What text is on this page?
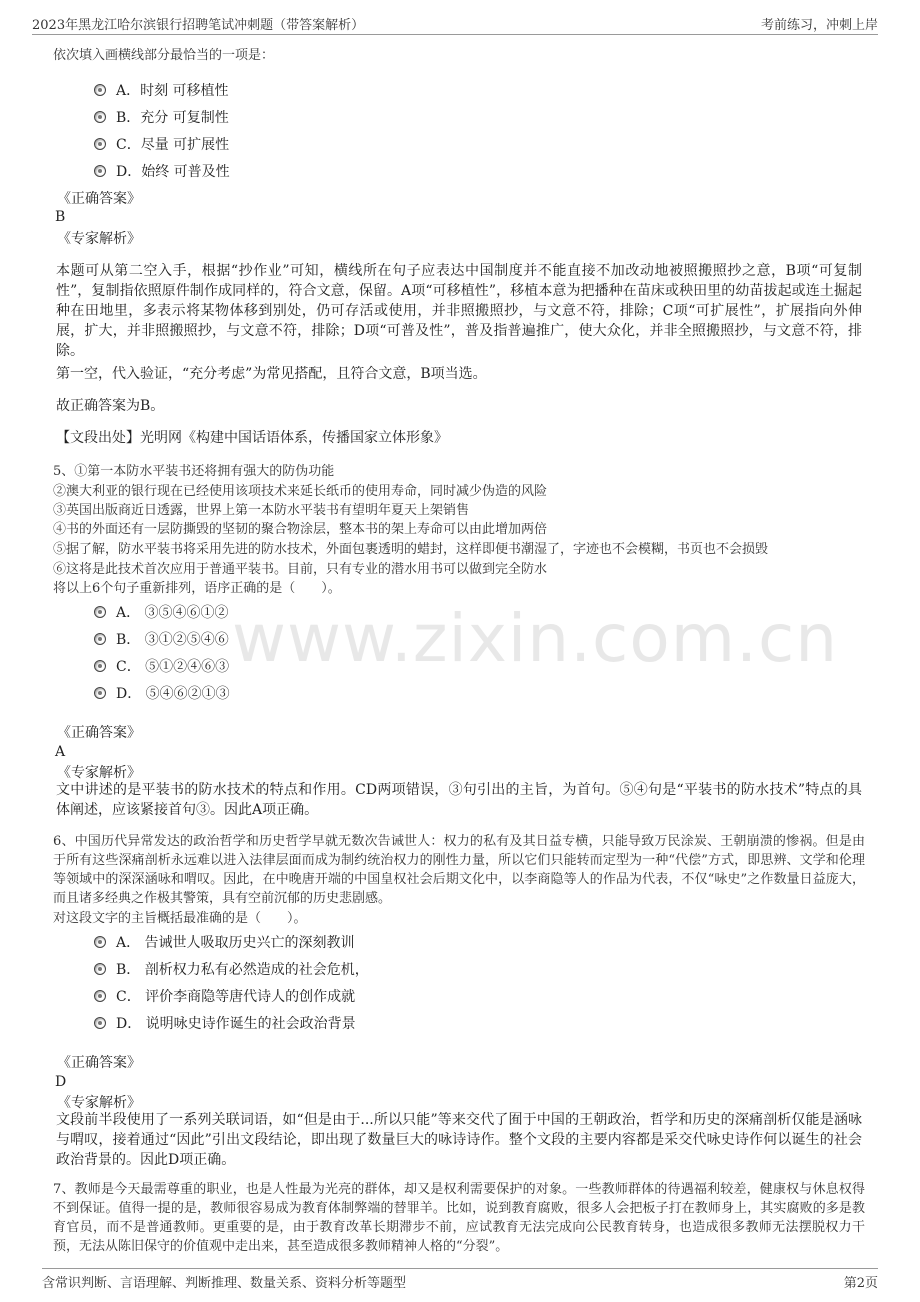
2023年黑龙江哈尔滨银行招聘笔试冲刺题（带答案解析）	考前练习，冲刺上岸
www.zixin.com.cn
依次填入画横线部分最恰当的一项是：
A．时刻 可移植性
B．充分 可复制性
C．尽量 可扩展性
D．始终 可普及性
《正确答案》
B
《专家解析》
本题可从第二空入手，根据“抄作业”可知，横线所在句子应表达中国制度并不能直接不加改动地被照搬照抄之意，B项“可复制性”，复制指依照原件制作成同样的，符合文意，保留。A项“可移植性”，移植本意为把播种在苗床或秧田里的幼苗拔起或连土掘起种在田地里，多表示将某物体移到别处，仍可存活或使用，并非照搬照抄，与文意不符，排除；C项“可扩展性”，扩展指向外伸展，扩大，并非照搬照抄，与文意不符，排除；D项“可普及性”，普及指普遍推广，使大众化，并非全照搬照抄，与文意不符，排除。
第一空，代入验证，“充分考虑”为常见搭配，且符合文意，B项当选。
故正确答案为B。
【文段出处】光明网《构建中国话语体系，传播国家立体形象》
5、①第一本防水平装书还将拥有强大的防伪功能
②澳大利亚的银行现在已经使用该项技术来延长纸币的使用寿命，同时减少伪造的风险
③英国出版商近日透露，世界上第一本防水平装书有望明年夏天上架销售
④书的外面还有一层防撕毁的坚韧的聚合物涂层，整本书的架上寿命可以由此增加两倍
⑤据了解，防水平装书将采用先进的防水技术，外面包裹透明的蜡封，这样即便书潮湿了，字迹也不会模糊，书页也不会损毁
⑥这将是此技术首次应用于普通平装书。目前，只有专业的潜水用书可以做到完全防水
将以上6个句子重新排列，语序正确的是（　　）。
A． ③⑤④⑥①②
B． ③①②⑤④⑥
C． ⑤①②④⑥③
D． ⑤④⑥②①③
《正确答案》
A
《专家解析》
文中讲述的是平装书的防水技术的特点和作用。CD两项错误，③句引出的主旨，为首句。⑤④句是“平装书的防水技术”特点的具体阐述，应该紧接首句③。因此A项正确。
6、中国历代异常发达的政治哲学和历史哲学早就无数次告诫世人：权力的私有及其日益专横，只能导致万民涂炭、王朝崩溃的惨祸。但是由于所有这些深痛剖析永远难以进入法律层面而成为制约统治权力的刚性力量，所以它们只能转而定型为一种“代偿”方式，即思辨、文学和伦理等领域中的深深涵咏和喟叹。因此，在中晚唐开端的中国皇权社会后期文化中，以李商隐等人的作品为代表，不仅“咏史”之作数量日益庞大，而且诸多经典之作极其警策，具有空前沉郁的历史悲剧感。
对这段文字的主旨概括最准确的是（　　）。
A． 告诫世人吸取历史兴亡的深刻教训
B． 剖析权力私有必然造成的社会危机，
C． 评价李商隐等唐代诗人的创作成就
D． 说明咏史诗作诞生的社会政治背景
《正确答案》
D
《专家解析》
文段前半段使用了一系列关联词语，如“但是由于...所以只能”等来交代了囿于中国的王朝政治，哲学和历史的深痛剖析仅能是涵咏与喟叹，接着通过“因此”引出文段结论，即出现了数量巨大的咏诗诗作。整个文段的主要内容都是采交代咏史诗作何以诞生的社会政治背景的。因此D项正确。
7、教师是今天最需尊重的职业，也是人性最为光亮的群体，却又是权利需要保护的对象。一些教师群体的待遇福利较差，健康权与休息权得不到保证。值得一提的是，教师很容易成为教育体制弊端的替罪羊。比如，说到教育腐败，很多人会把板子打在教师身上，其实腐败的多是教育官员，而不是普通教师。更重要的是，由于教育改革长期滞步不前，应试教育无法完成向公民教育转身，也造成很多教师无法摆脱权力干预，无法从陈旧保守的价值观中走出来，甚至造成很多教师精神人格的“分裂”。
含常识判断、言语理解、判断推理、数量关系、资料分析等题型	第2页
